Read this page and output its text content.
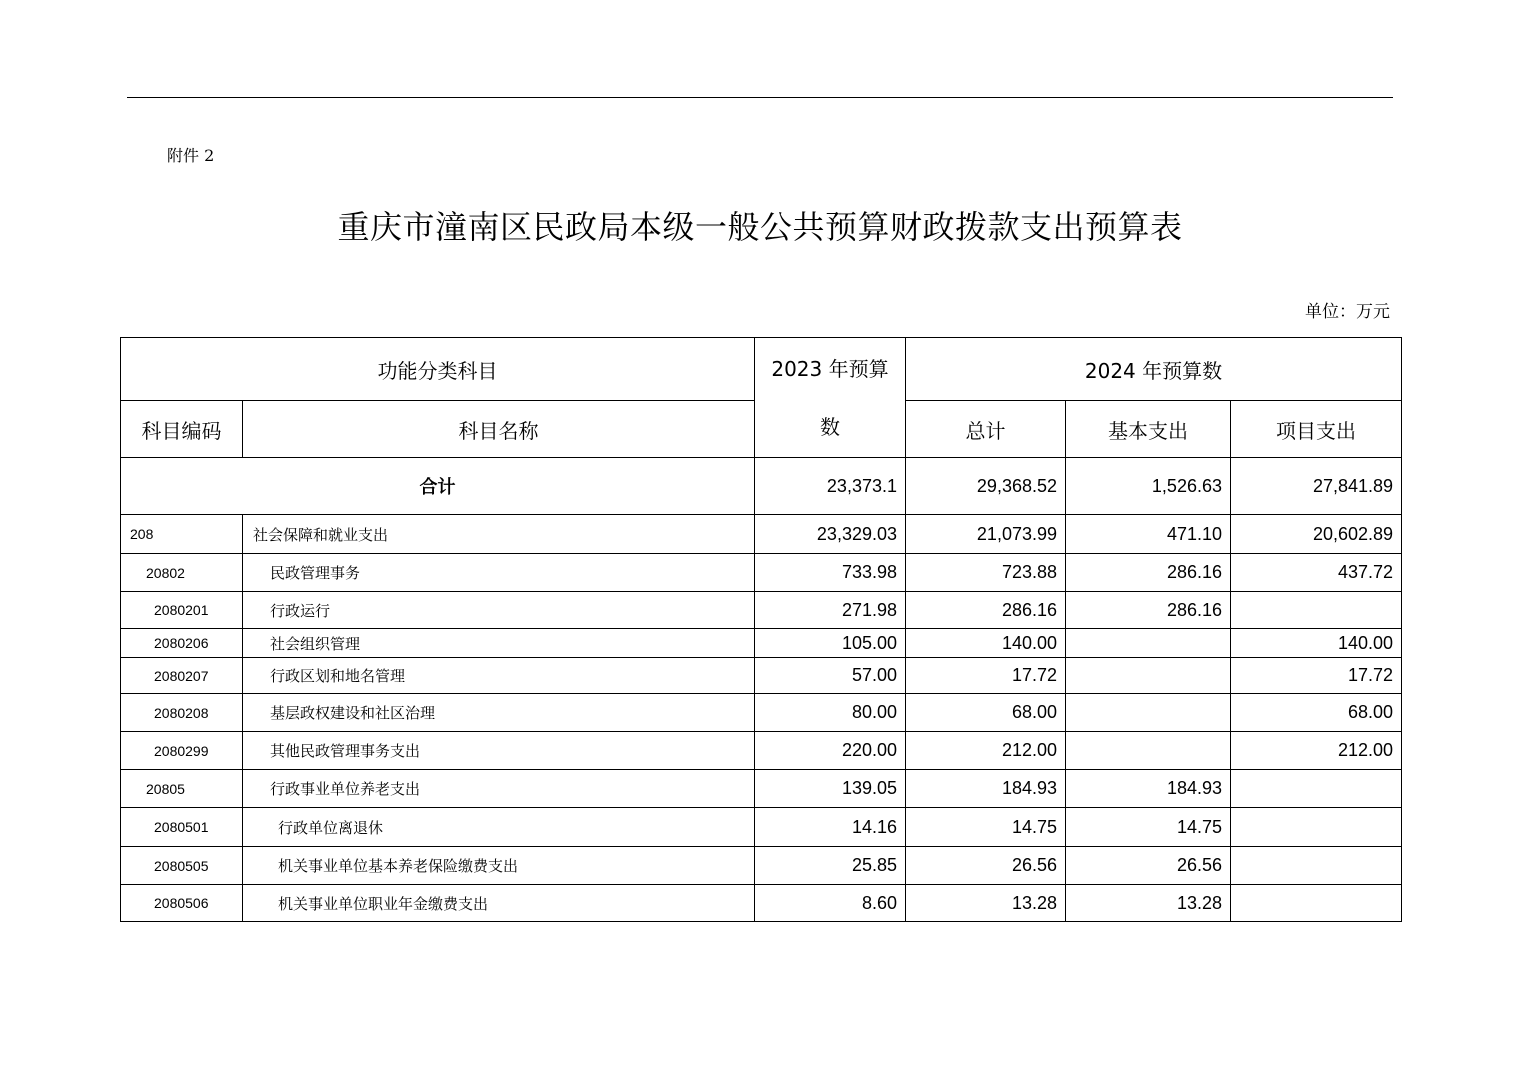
附件 2
重庆市潼南区民政局本级一般公共预算财政拨款支出预算表
单位：万元
功能分类科目		2023 年预算
数	2024 年预算数		
科目编码	科目名称		总计	基本支出	项目支出
合计		23,373.1	29,368.52	1,526.63	27,841.89
208	社会保障和就业支出	23,329.03	21,073.99	471.10	20,602.89
20802	民政管理事务	733.98	723.88	286.16	437.72
2080201	行政运行	271.98	286.16	286.16	
2080206	社会组织管理	105.00	140.00		140.00
2080207	行政区划和地名管理	57.00	17.72		17.72
2080208	基层政权建设和社区治理	80.00	68.00		68.00
2080299	其他民政管理事务支出	220.00	212.00		212.00
20805	行政事业单位养老支出	139.05	184.93	184.93	
2080501	行政单位离退休	14.16	14.75	14.75	
2080505	机关事业单位基本养老保险缴费支出	25.85	26.56	26.56	
2080506	机关事业单位职业年金缴费支出	8.60	13.28	13.28	
